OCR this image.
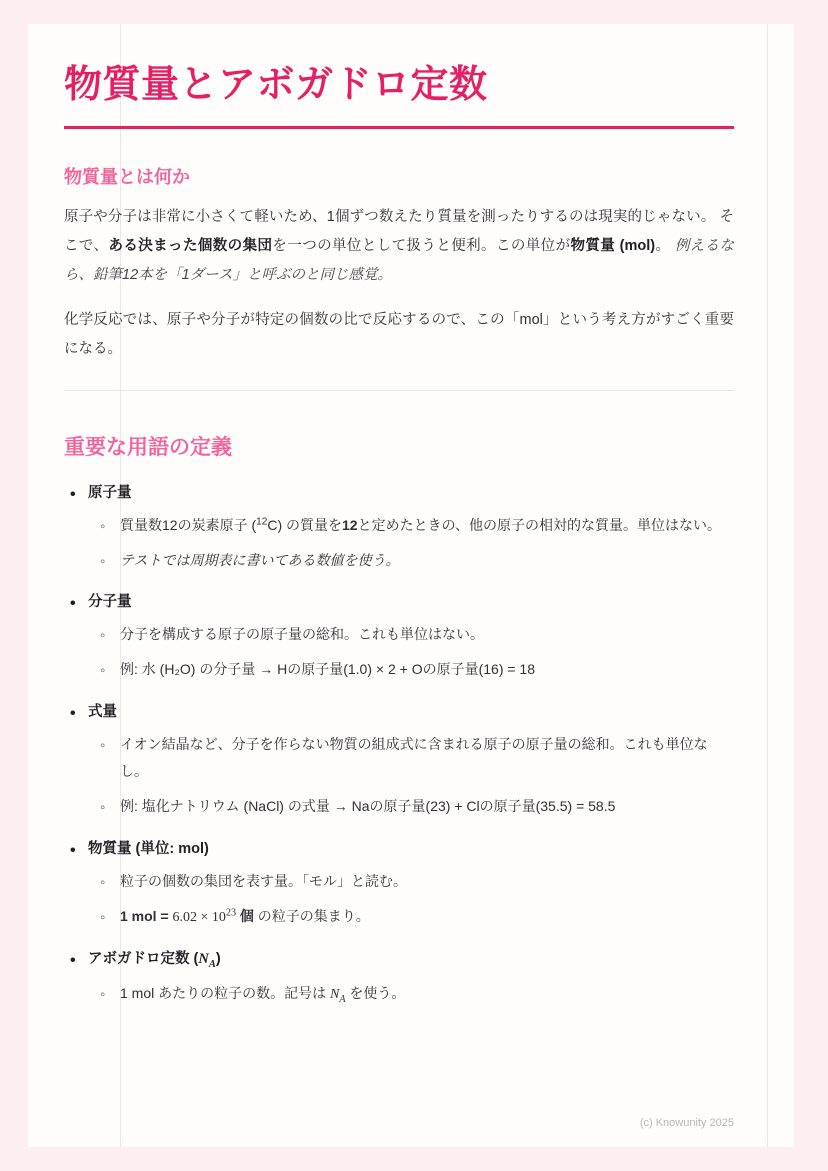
物質量とアボガドロ定数
物質量とは何か

原子や分子は非常に小さくて軽いため、1個ずつ数えたり質量を測ったりするのは現実的じゃない。 そこで、ある決まった個数の集団を一つの単位として扱うと便利。この単位が物質量 (mol)。 例えるなら、鉛筆12本を「1ダース」と呼ぶのと同じ感覚。

化学反応では、原子や分子が特定の個数の比で反応するので、この「mol」という考え方がすごく重要になる。

重要な用語の定義
• 原子量
◦ 質量数12の炭素原子 ($^{12}$C) の質量を12と定めたときの、他の原子の相対的な質量。単位はない。
◦ テストでは周期表に書いてある数値を使う。
• 分子量
◦ 分子を構成する原子の原子量の総和。これも単位はない。
◦ 例: 水 (H₂O) の分子量 → Hの原子量(1.0) × 2 + Oの原子量(16) = 18
• 式量
◦ イオン結晶など、分子を作らない物質の組成式に含まれる原子の原子量の総和。これも単位なし。
◦ 例: 塩化ナトリウム (NaCl) の式量 → Naの原子量(23) + Clの原子量(35.5) = 58.5
• 物質量 (単位: mol)
◦ 粒子の個数の集団を表す量。「モル」と読む。
◦ 1 mol = $6.02 \times 10^{23}$ 個 の粒子の集まり。
• アボガドロ定数 $(N_A)$
◦ 1 mol あたりの粒子の数。記号は $N_A$ を使う。
(c) Knowunity 2025
